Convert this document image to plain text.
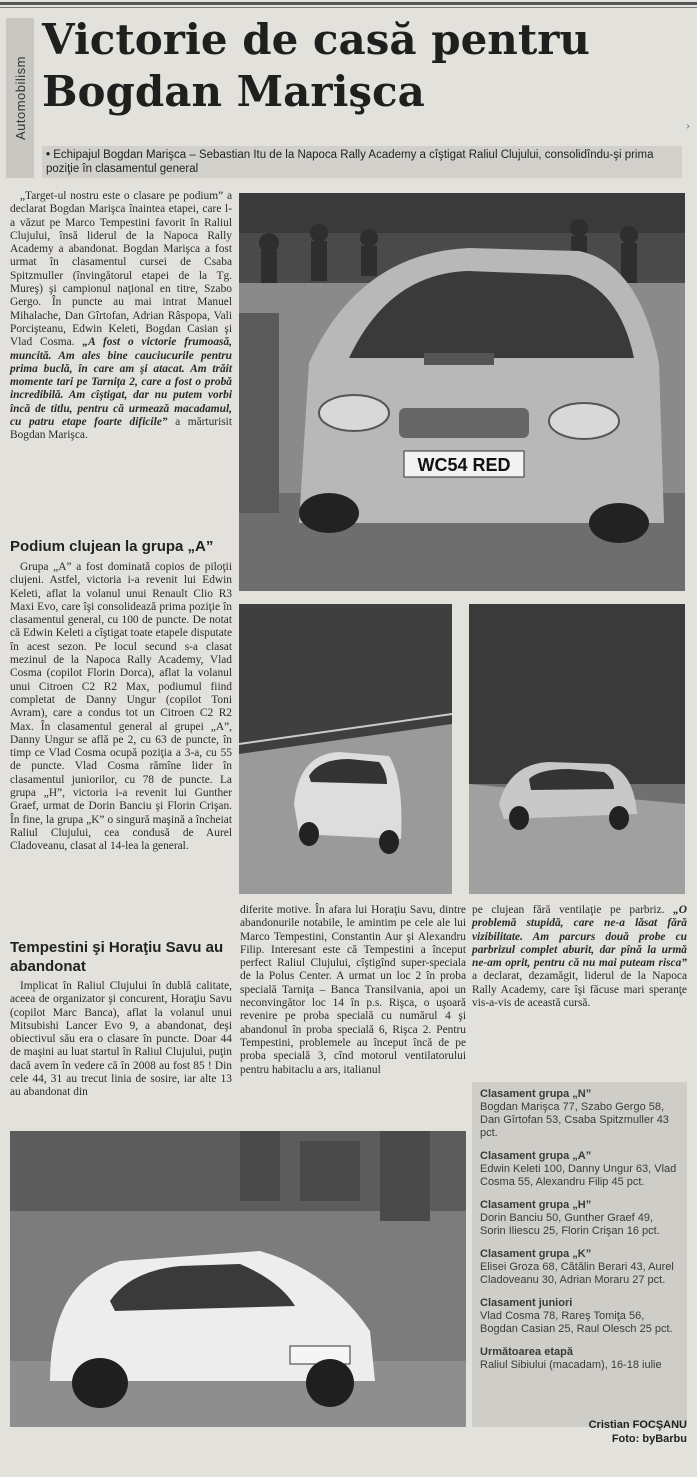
Automobilism
Victorie de casă pentru
Bogdan Marişca
• Echipajul Bogdan Marişca – Sebastian Itu de la Napoca Rally Academy a cîştigat Raliul Clujului, consolidîndu-şi prima poziţie în clasamentul general
›

„Target-ul nostru este o clasare pe podium” a declarat Bogdan Marişca înaintea etapei, care l-a văzut pe Marco Tempestini favorit în Raliul Clujului, însă liderul de la Napoca Rally Academy a abandonat. Bogdan Marişca a fost urmat în clasamentul cursei de Csaba Spitzmuller (învingătorul etapei de la Tg. Mureş) şi campionul naţional en titre, Szabo Gergo. În puncte au mai intrat Manuel Mihalache, Dan Gîrtofan, Adrian Râspopa, Vali Porcişteanu, Edwin Keleti, Bogdan Casian şi Vlad Cosma. „A fost o victorie frumoasă, muncită. Am ales bine cauciucurile pentru prima buclă, în care am şi atacat. Am trăit momente tari pe Tarniţa 2, care a fost o probă incredibilă. Am cîştigat, dar nu putem vorbi încă de titlu, pentru că urmează macadamul, cu patru etape foarte dificile” a mărturisit Bogdan Marişca.

Podium clujean la grupa „A”

Grupa „A” a fost dominată copios de piloţii clujeni. Astfel, victoria i-a revenit lui Edwin Keleti, aflat la volanul unui Renault Clio R3 Maxi Evo, care îşi consolidează prima poziţie în clasamentul general, cu 100 de puncte. De notat că Edwin Keleti a cîştigat toate etapele disputate în acest sezon. Pe locul secund s-a clasat mezinul de la Napoca Rally Academy, Vlad Cosma (copilot Florin Dorca), aflat la volanul unui Citroen C2 R2 Max, podiumul fiind completat de Danny Ungur (copilot Toni Avram), care a condus tot un Citroen C2 R2 Max. În clasamentul general al grupei „A”, Danny Ungur se află pe 2, cu 63 de puncte, în timp ce Vlad Cosma ocupă poziţia a 3-a, cu 55 de puncte. Vlad Cosma rămîne lider în clasamentul juniorilor, cu 78 de puncte. La grupa „H”, victoria i-a revenit lui Gunther Graef, urmat de Dorin Banciu şi Florin Crişan. În fine, la grupa „K” o singură maşină a încheiat Raliul Clujului, cea condusă de Aurel Cladoveanu, clasat al 14-lea la general.

Tempestini şi Horaţiu Savu au abandonat

Implicat în Raliul Clujului în dublă calitate, aceea de organizator şi concurent, Horaţiu Savu (copilot Marc Banca), aflat la volanul unui Mitsubishi Lancer Evo 9, a abandonat, deşi obiectivul său era o clasare în puncte. Doar 44 de maşini au luat startul în Raliul Clujului, puţin dacă avem în vedere că în 2008 au fost 85 ! Din cele 44, 31 au trecut linia de sosire, iar alte 13 au abandonat din

diferite motive. În afara lui Horaţiu Savu, dintre abandonurile notabile, le amintim pe cele ale lui Marco Tempestini, Constantin Aur şi Alexandru Filip. Interesant este că Tempestini a început perfect Raliul Clujului, cîştigînd super-speciala de la Polus Center. A urmat un loc 2 în proba specială Tarniţa – Banca Transilvania, apoi un neconvingător loc 14 în p.s. Rişca, o uşoară revenire pe proba specială cu numărul 4 şi abandonul în proba specială 6, Rişca 2. Pentru Tempestini, problemele au început încă de pe proba specială 3, cînd motorul ventilatorului pentru habitaclu a ars, italianul

pe clujean fără ventilaţie pe parbriz. „O problemă stupidă, care ne-a lăsat fără vizibilitate. Am parcurs două probe cu parbrizul complet aburit, dar pînă la urmă ne-am oprit, pentru că nu mai puteam risca” a declarat, dezamăgit, liderul de la Napoca Rally Academy, care îşi făcuse mari speranţe vis-a-vis de această cursă.

WC54 RED
Clasament grupa „N”
Bogdan Marişca 77, Szabo Gergo 58, Dan Gîrtofan 53, Csaba Spitzmuller 43 pct.
Clasament grupa „A”
Edwin Keleti 100, Danny Ungur 63, Vlad Cosma 55, Alexandru Filip 45 pct.
Clasament grupa „H”
Dorin Banciu 50, Gunther Graef 49, Sorin Iliescu 25, Florin Crişan 16 pct.
Clasament grupa „K”
Elisei Groza 68, Cătălin Berari 43, Aurel Cladoveanu 30, Adrian Moraru 27 pct.
Clasament juniori
Vlad Cosma 78, Rareş Tomiţa 56, Bogdan Casian 25, Raul Olesch 25 pct.
Următoarea etapă
Raliul Sibiului (macadam), 16-18 iulie
Cristian FOCŞANU
Foto: byBarbu
